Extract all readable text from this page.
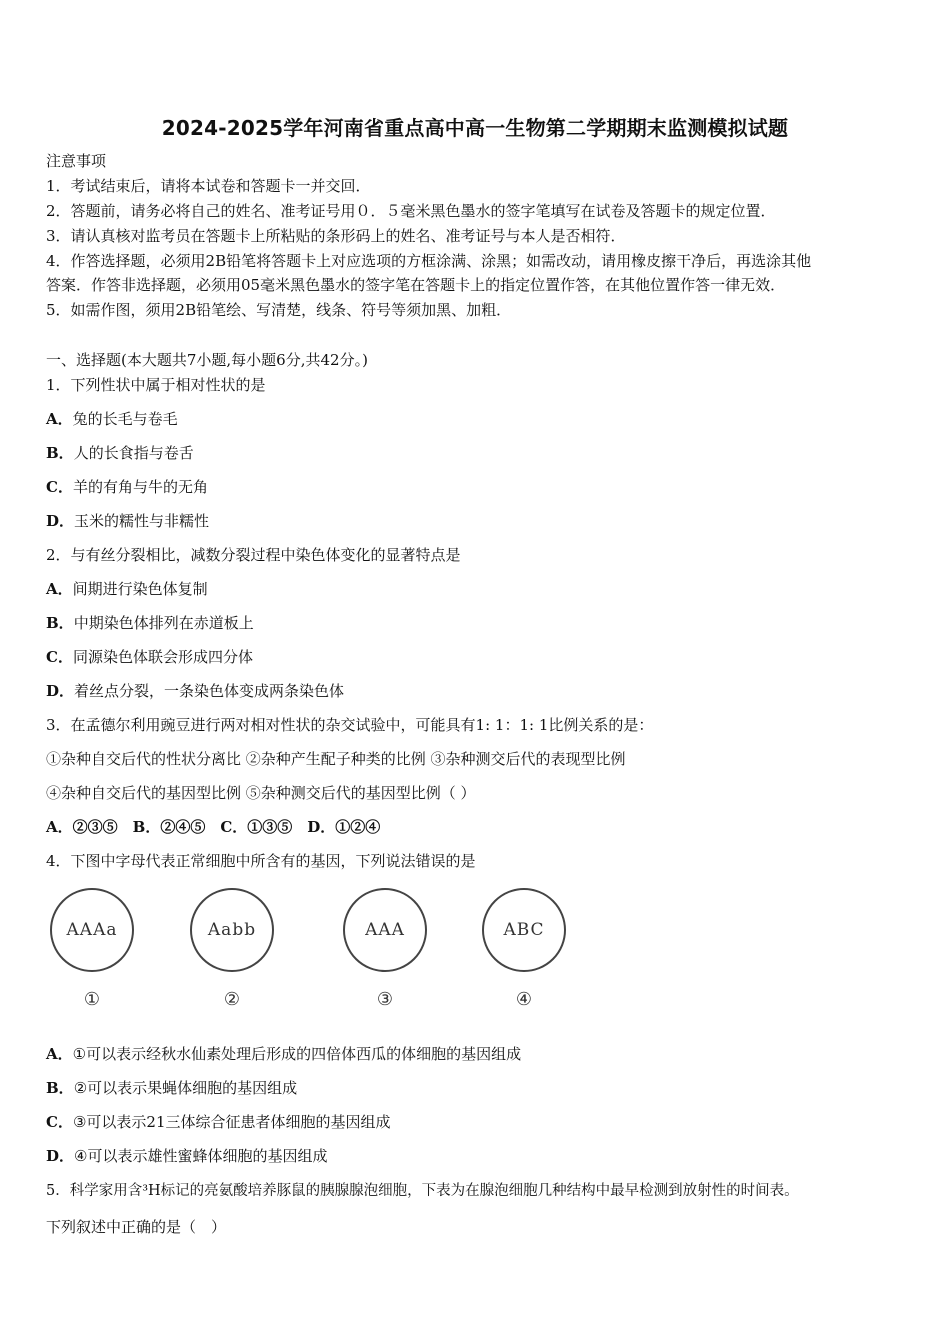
2024-2025学年河南省重点高中高一生物第二学期期末监测模拟试题
注意事项
1．考试结束后，请将本试卷和答题卡一并交回．
2．答题前，请务必将自己的姓名、准考证号用０．５毫米黑色墨水的签字笔填写在试卷及答题卡的规定位置．
3．请认真核对监考员在答题卡上所粘贴的条形码上的姓名、准考证号与本人是否相符．
4．作答选择题，必须用2B铅笔将答题卡上对应选项的方框涂满、涂黑；如需改动，请用橡皮擦干净后，再选涂其他
答案．作答非选择题，必须用05毫米黑色墨水的签字笔在答题卡上的指定位置作答，在其他位置作答一律无效．
5．如需作图，须用2B铅笔绘、写清楚，线条、符号等须加黑、加粗．
一、选择题(本大题共7小题,每小题6分,共42分。)
1．下列性状中属于相对性状的是
A．兔的长毛与卷毛
B．人的长食指与卷舌
C．羊的有角与牛的无角
D．玉米的糯性与非糯性
2．与有丝分裂相比，减数分裂过程中染色体变化的显著特点是
A．间期进行染色体复制
B．中期染色体排列在赤道板上
C．同源染色体联会形成四分体
D．着丝点分裂，一条染色体变成两条染色体
3．在孟德尔利用豌豆进行两对相对性状的杂交试验中，可能具有1: 1：1: 1比例关系的是：
①杂种自交后代的性状分离比 ②杂种产生配子种类的比例 ③杂种测交后代的表现型比例
④杂种自交后代的基因型比例 ⑤杂种测交后代的基因型比例（ ）
A．②③⑤　B．②④⑤　C．①③⑤　D．①②④
4．下图中字母代表正常细胞中所含有的基因，下列说法错误的是
AAAa
①
Aabb
②
AAA
③
ABC
④
A．①可以表示经秋水仙素处理后形成的四倍体西瓜的体细胞的基因组成
B．②可以表示果蝇体细胞的基因组成
C．③可以表示21三体综合征患者体细胞的基因组成
D．④可以表示雄性蜜蜂体细胞的基因组成
5．科学家用含³H标记的亮氨酸培养豚鼠的胰腺腺泡细胞，下表为在腺泡细胞几种结构中最早检测到放射性的时间表。
下列叙述中正确的是（　）
